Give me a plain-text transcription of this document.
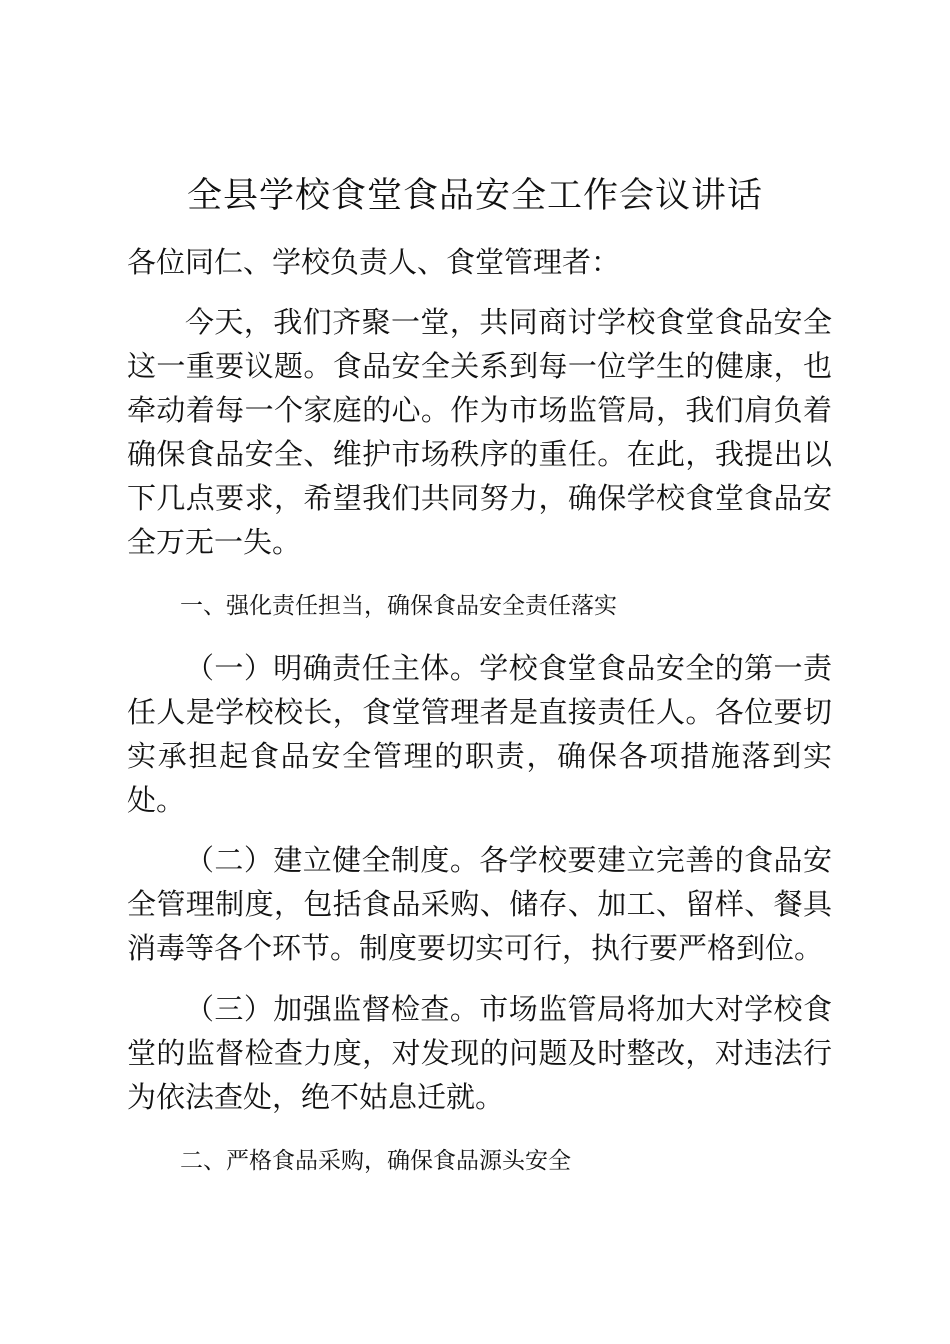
全县学校食堂食品安全工作会议讲话

各位同仁、学校负责人、食堂管理者：

今天，我们齐聚一堂，共同商讨学校食堂食品安全这一重要议题。食品安全关系到每一位学生的健康，也牵动着每一个家庭的心。作为市场监管局，我们肩负着确保食品安全、维护市场秩序的重任。在此，我提出以下几点要求，希望我们共同努力，确保学校食堂食品安全万无一失。

一、强化责任担当，确保食品安全责任落实

（一）明确责任主体。学校食堂食品安全的第一责任人是学校校长，食堂管理者是直接责任人。各位要切实承担起食品安全管理的职责，确保各项措施落到实处。

（二）建立健全制度。各学校要建立完善的食品安全管理制度，包括食品采购、储存、加工、留样、餐具消毒等各个环节。制度要切实可行，执行要严格到位。

（三）加强监督检查。市场监管局将加大对学校食堂的监督检查力度，对发现的问题及时整改，对违法行为依法查处，绝不姑息迁就。

二、严格食品采购，确保食品源头安全
